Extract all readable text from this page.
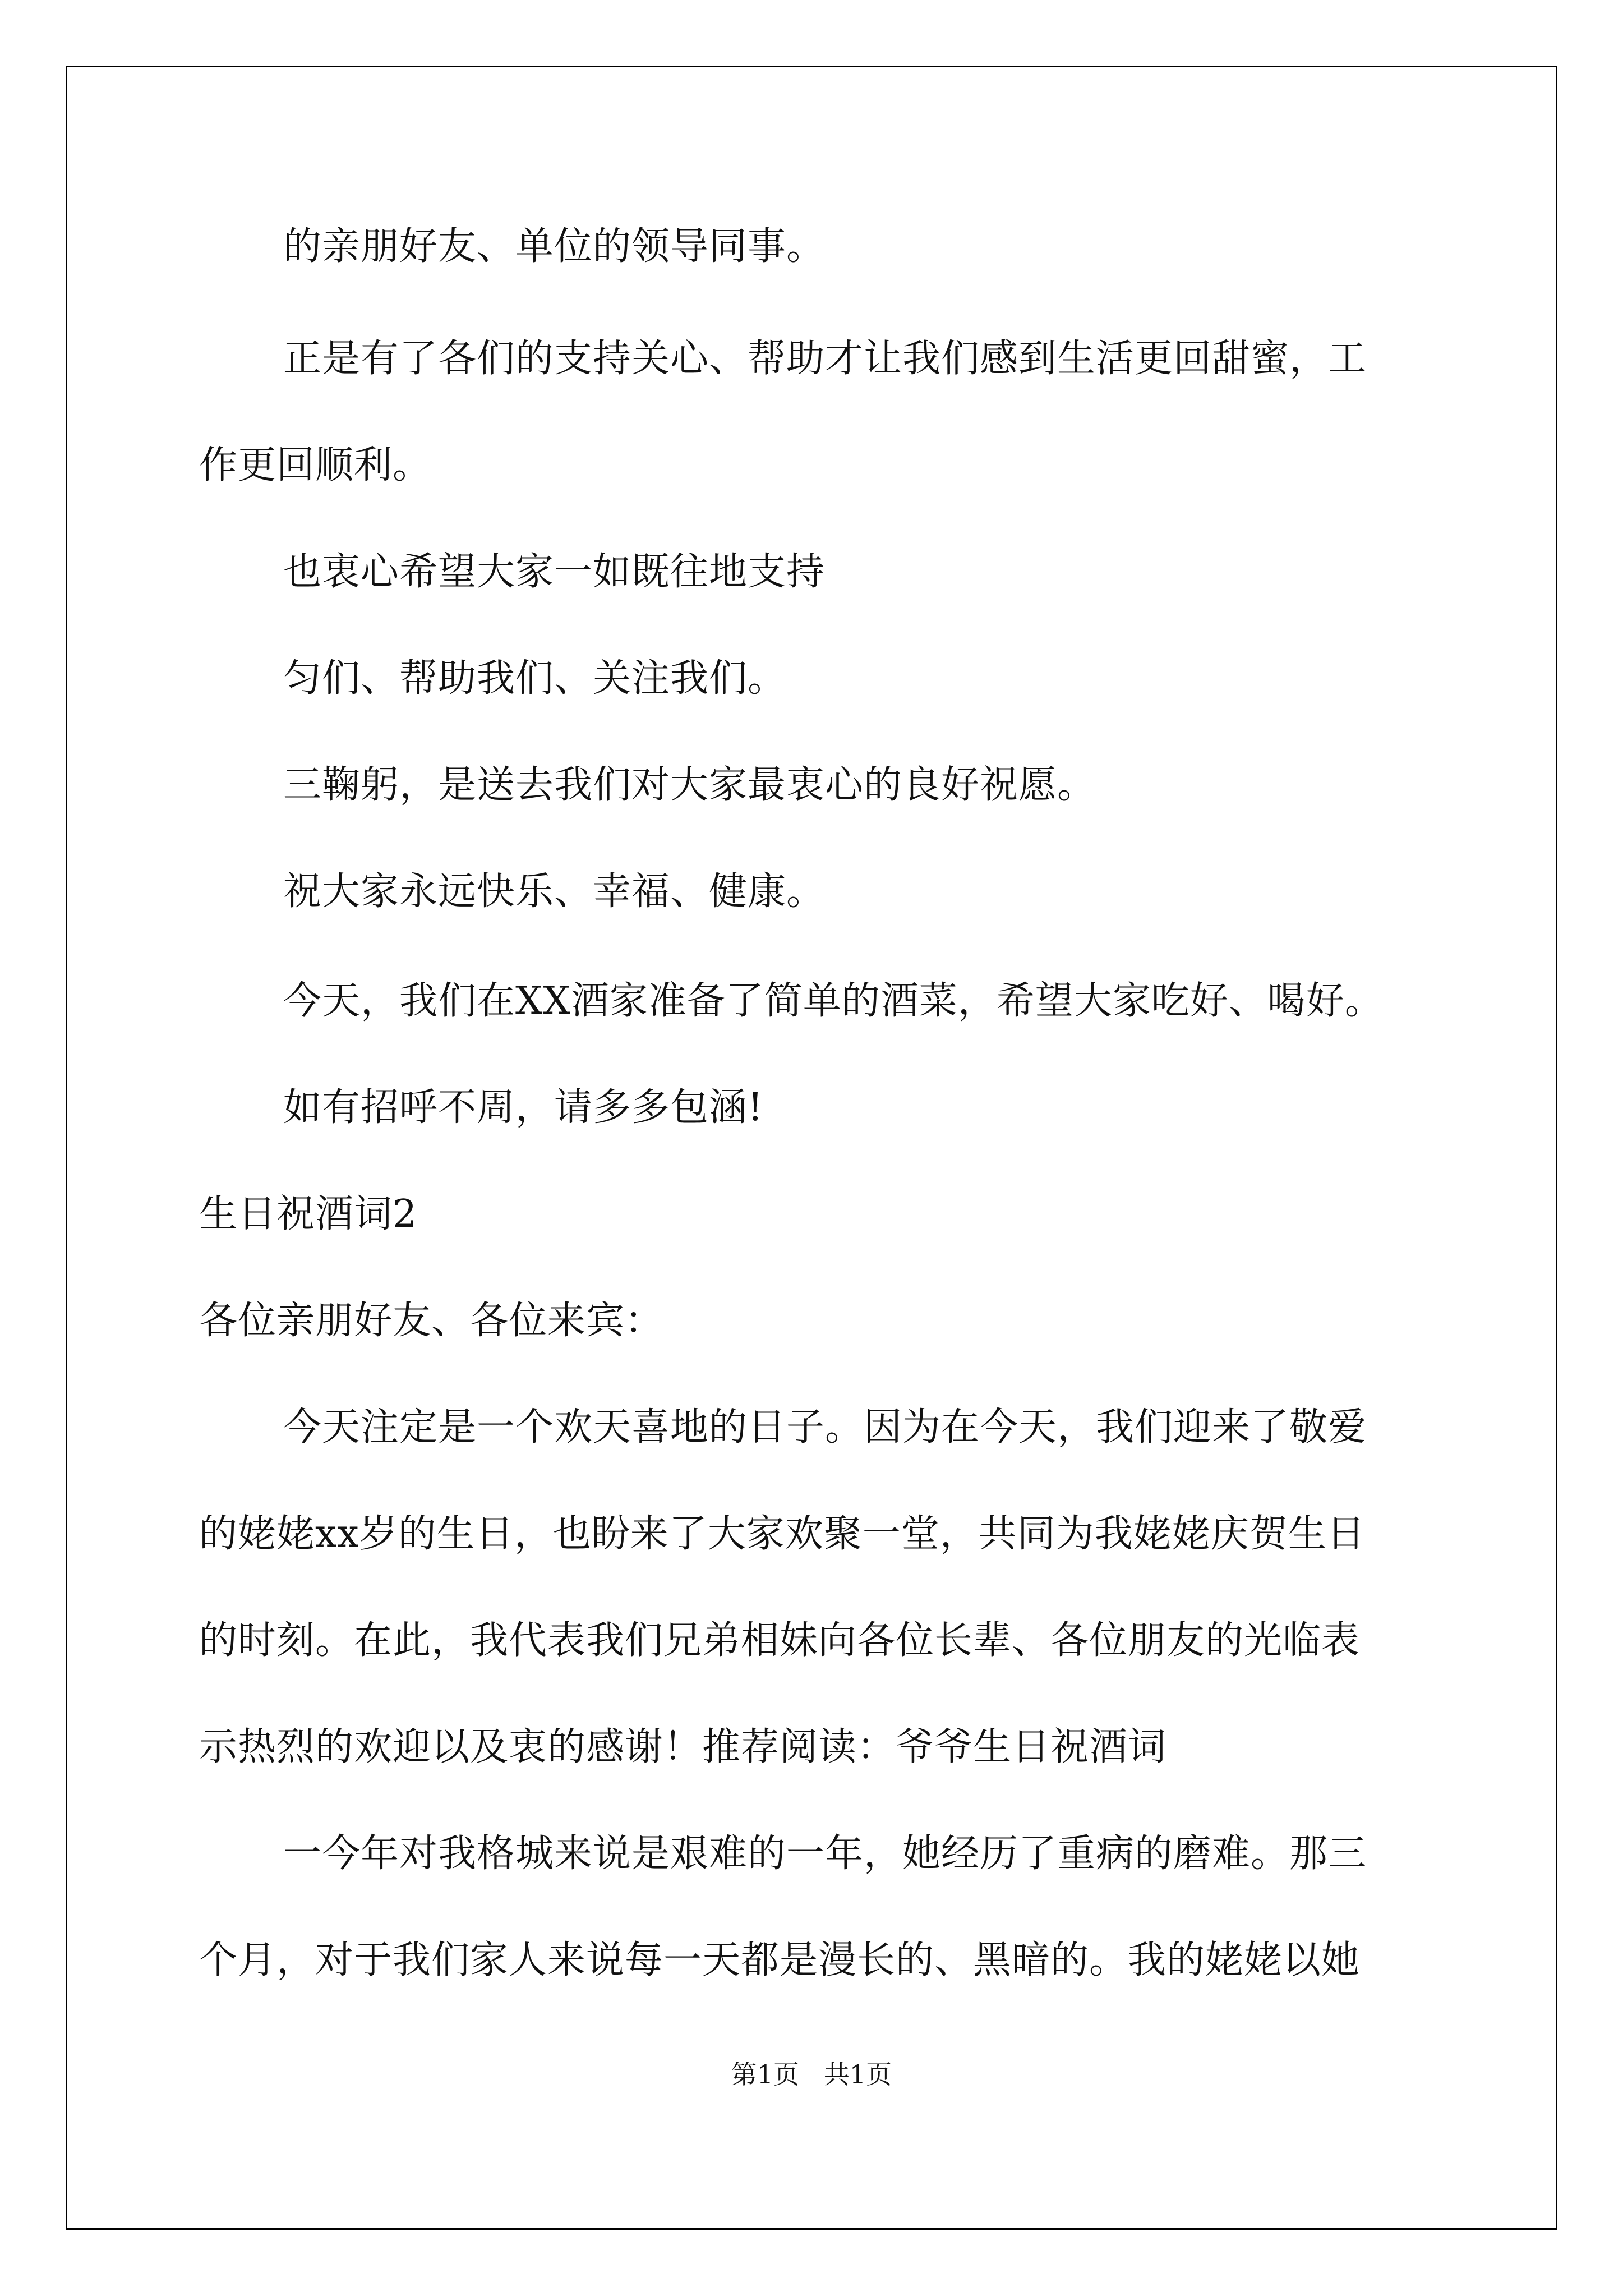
的亲朋好友、单位的领导同事。

正是有了各们的支持关心、帮助才让我们感到生活更回甜蜜，工

作更回顺利。

也衷心希望大家一如既往地支持

匀们、帮助我们、关注我们。

三鞠躬，是送去我们对大家最衷心的良好祝愿。

祝大家永远快乐、幸福、健康。

今天，我们在XX酒家准备了简单的酒菜，希望大家吃好、喝好。

如有招呼不周，请多多包涵!

生日祝酒词2

各位亲朋好友、各位来宾：

今天注定是一个欢天喜地的日子。因为在今天，我们迎来了敬爱

的姥姥xx岁的生日，也盼来了大家欢聚一堂，共同为我姥姥庆贺生日

的时刻。在此，我代表我们兄弟相妹向各位长辈、各位朋友的光临表

示热烈的欢迎以及衷的感谢！推荐阅读：爷爷生日祝酒词

一今年对我格城来说是艰难的一年，她经历了重病的磨难。那三

个月，对于我们家人来说每一天都是漫长的、黑暗的。我的姥姥以她

第1页   共1页
